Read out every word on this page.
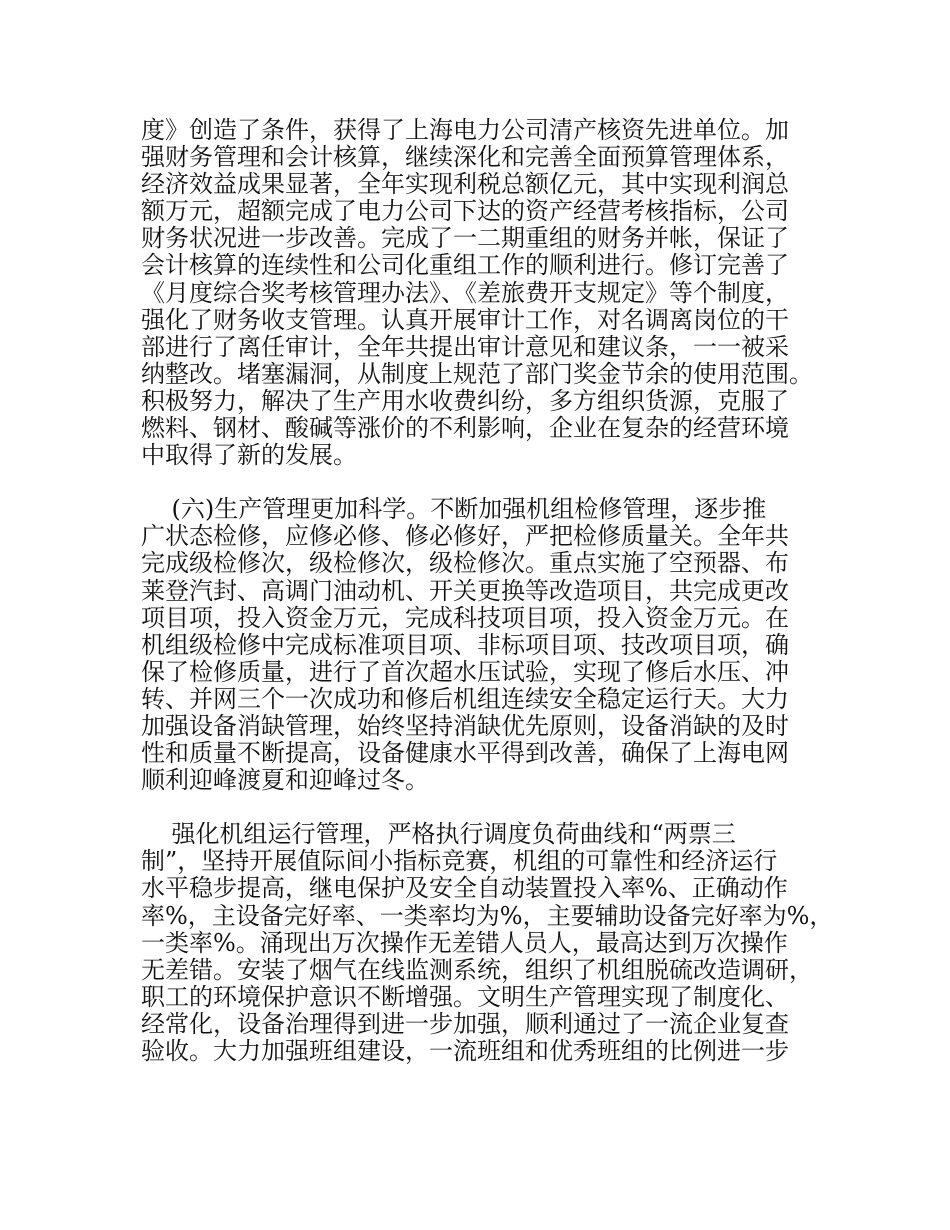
度》创造了条件，获得了上海电力公司清产核资先进单位。加
强财务管理和会计核算，继续深化和完善全面预算管理体系，
经济效益成果显著，全年实现利税总额亿元，其中实现利润总
额万元，超额完成了电力公司下达的资产经营考核指标，公司
财务状况进一步改善。完成了一二期重组的财务并帐，保证了
会计核算的连续性和公司化重组工作的顺利进行。修订完善了
《月度综合奖考核管理办法》、《差旅费开支规定》等个制度，
强化了财务收支管理。认真开展审计工作，对名调离岗位的干
部进行了离任审计，全年共提出审计意见和建议条，一一被采
纳整改。堵塞漏洞，从制度上规范了部门奖金节余的使用范围。
积极努力，解决了生产用水收费纠纷，多方组织货源，克服了
燃料、钢材、酸碱等涨价的不利影响，企业在复杂的经营环境
中取得了新的发展。
(六)生产管理更加科学。不断加强机组检修管理，逐步推
广状态检修，应修必修、修必修好，严把检修质量关。全年共
完成级检修次，级检修次，级检修次。重点实施了空预器、布
莱登汽封、高调门油动机、开关更换等改造项目，共完成更改
项目项，投入资金万元，完成科技项目项，投入资金万元。在
机组级检修中完成标准项目项、非标项目项、技改项目项，确
保了检修质量，进行了首次超水压试验，实现了修后水压、冲
转、并网三个一次成功和修后机组连续安全稳定运行天。大力
加强设备消缺管理，始终坚持消缺优先原则，设备消缺的及时
性和质量不断提高，设备健康水平得到改善，确保了上海电网
顺利迎峰渡夏和迎峰过冬。
强化机组运行管理，严格执行调度负荷曲线和“两票三
制”，坚持开展值际间小指标竞赛，机组的可靠性和经济运行
水平稳步提高，继电保护及安全自动装置投入率%、正确动作
率%，主设备完好率、一类率均为%，主要辅助设备完好率为%，
一类率%。涌现出万次操作无差错人员人，最高达到万次操作
无差错。安装了烟气在线监测系统，组织了机组脱硫改造调研，
职工的环境保护意识不断增强。文明生产管理实现了制度化、
经常化，设备治理得到进一步加强，顺利通过了一流企业复查
验收。大力加强班组建设，一流班组和优秀班组的比例进一步
